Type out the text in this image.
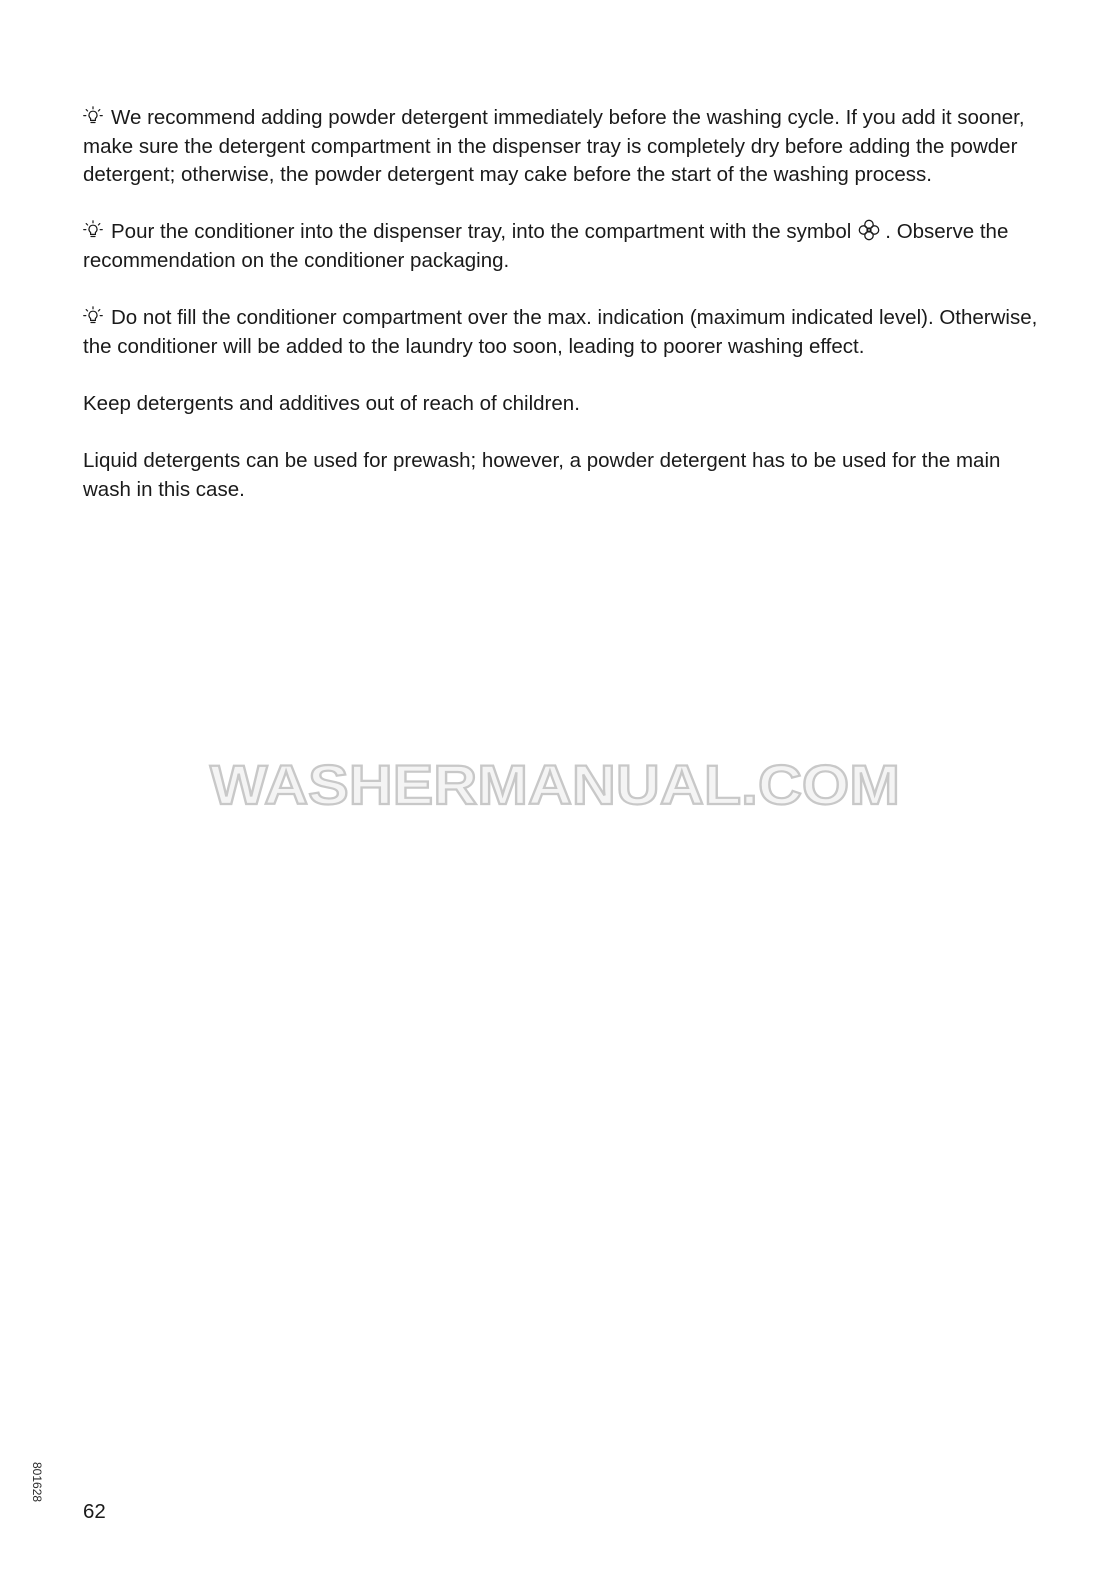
We recommend adding powder detergent immediately before the washing cycle. If you add it sooner, make sure the detergent compartment in the dispenser tray is completely dry before adding the powder detergent; otherwise, the powder detergent may cake before the start of the washing process.

Pour the conditioner into the dispenser tray, into the compartment with the symbol . Observe the recommendation on the conditioner packaging.

Do not fill the conditioner compartment over the max. indication (maximum indicated level). Otherwise, the conditioner will be added to the laundry too soon, leading to poorer washing effect.

Keep detergents and additives out of reach of children.

Liquid detergents can be used for prewash; however, a powder detergent has to be used for the main wash in this case.

WASHERMANUAL.COM
801628
62
